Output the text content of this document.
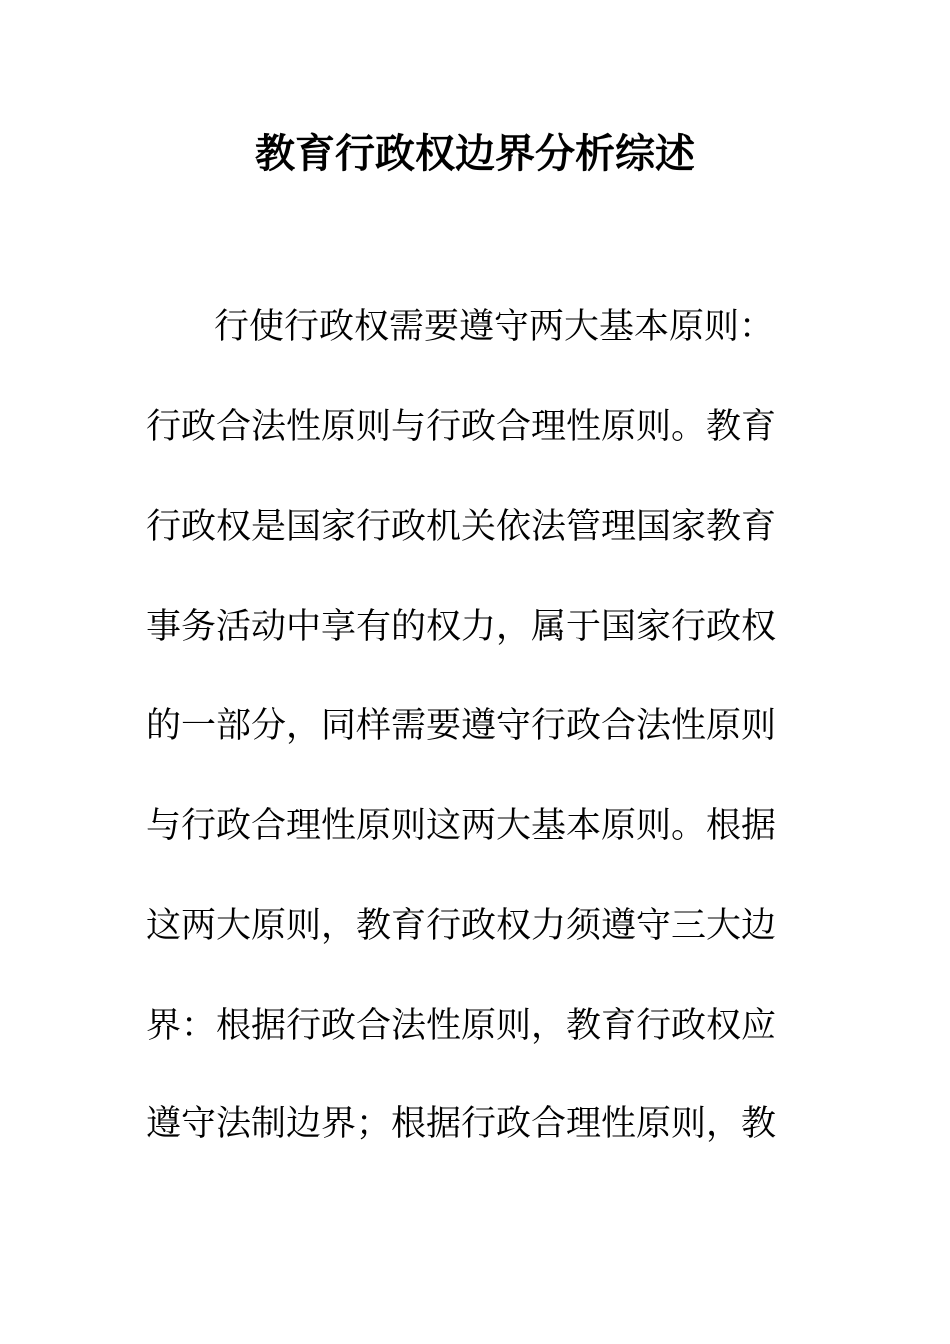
教育行政权边界分析综述
行使行政权需要遵守两大基本原则：
行政合法性原则与行政合理性原则。教育
行政权是国家行政机关依法管理国家教育
事务活动中享有的权力，属于国家行政权
的一部分，同样需要遵守行政合法性原则
与行政合理性原则这两大基本原则。根据
这两大原则，教育行政权力须遵守三大边
界：根据行政合法性原则，教育行政权应
遵守法制边界；根据行政合理性原则，教
